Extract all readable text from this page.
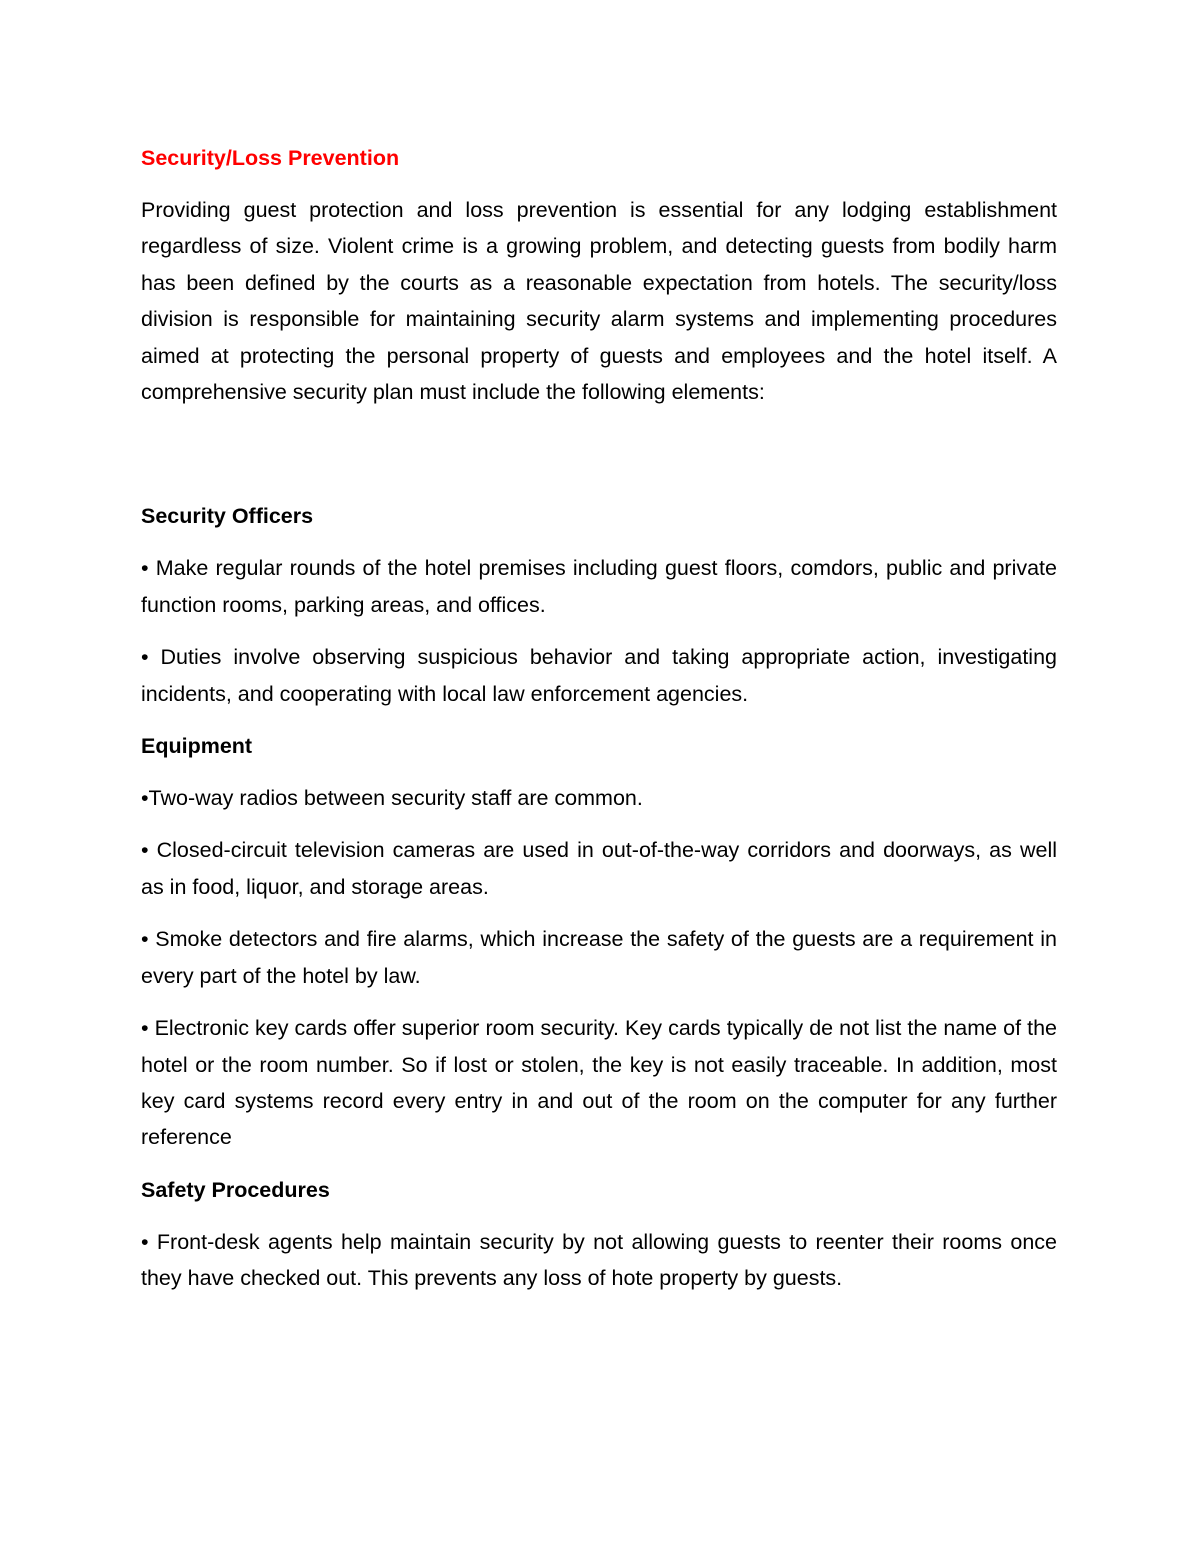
Security/Loss Prevention

Providing guest protection and loss prevention is essential for any lodging establishment regardless of size. Violent crime is a growing problem, and detecting guests from bodily harm has been defined by the courts as a reasonable expectation from hotels. The security/loss division is responsible for maintaining security alarm systems and implementing procedures aimed at protecting the personal property of guests and employees and the hotel itself. A comprehensive security plan must include the following elements:

Security Officers

• Make regular rounds of the hotel premises including guest floors, comdors, public and private function rooms, parking areas, and offices.

• Duties involve observing suspicious behavior and taking appropriate action, investigating incidents, and cooperating with local law enforcement agencies.

Equipment

•Two-way radios between security staff are common.

• Closed-circuit television cameras are used in out-of-the-way corridors and doorways, as well as in food, liquor, and storage areas.

• Smoke detectors and fire alarms, which increase the safety of the guests are a requirement in every part of the hotel by law.

• Electronic key cards offer superior room security. Key cards typically de not list the name of the hotel or the room number. So if lost or stolen, the key is not easily traceable. In addition, most key card systems record every entry in and out of the room on the computer for any further reference

Safety Procedures

• Front-desk agents help maintain security by not allowing guests to reenter their rooms once they have checked out. This prevents any loss of hote property by guests.
